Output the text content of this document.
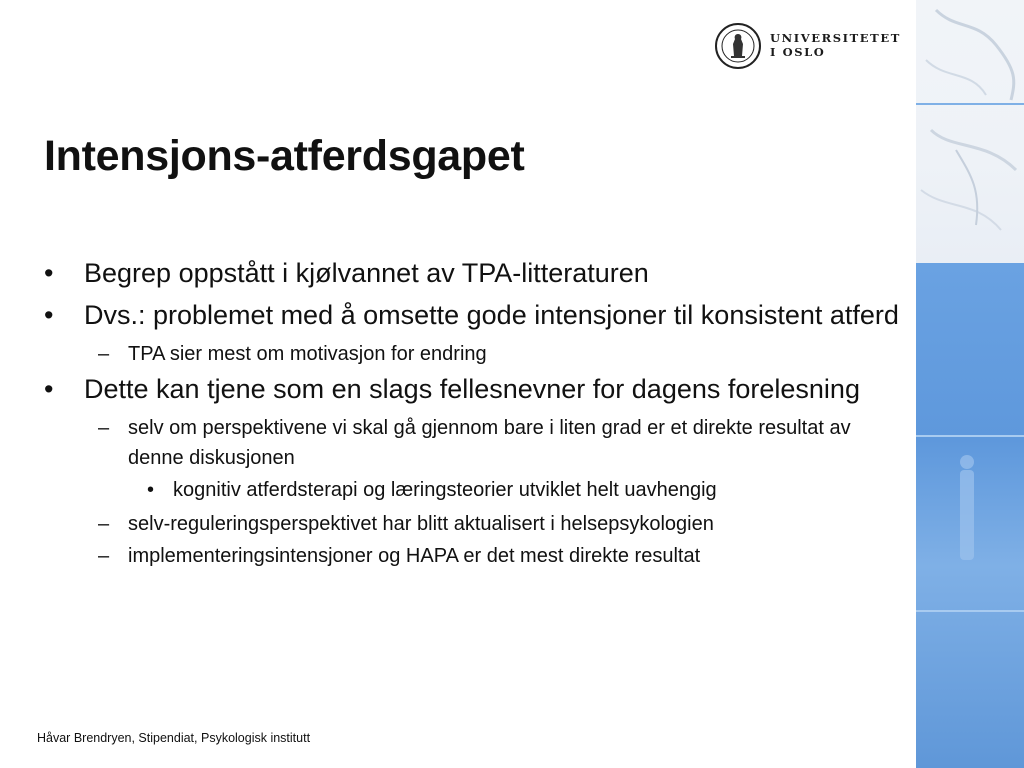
UNIVERSITETET
I OSLO
Intensjons-atferdsgapet
•	Begrep oppstått i kjølvannet av TPA-litteraturen
•	Dvs.: problemet med å omsette gode intensjoner til konsistent atferd
– TPA sier mest om motivasjon for endring
•	Dette kan tjene som en slags fellesnevner for dagens forelesning
– selv om perspektivene vi skal gå gjennom bare i liten grad er et direkte resultat av denne diskusjonen
• kognitiv atferdsterapi og læringsteorier utviklet helt uavhengig
– selv-reguleringsperspektivet har blitt aktualisert i helsepsykologien
– implementeringsintensjoner og HAPA er det mest direkte resultat
Håvar Brendryen, Stipendiat, Psykologisk institutt
